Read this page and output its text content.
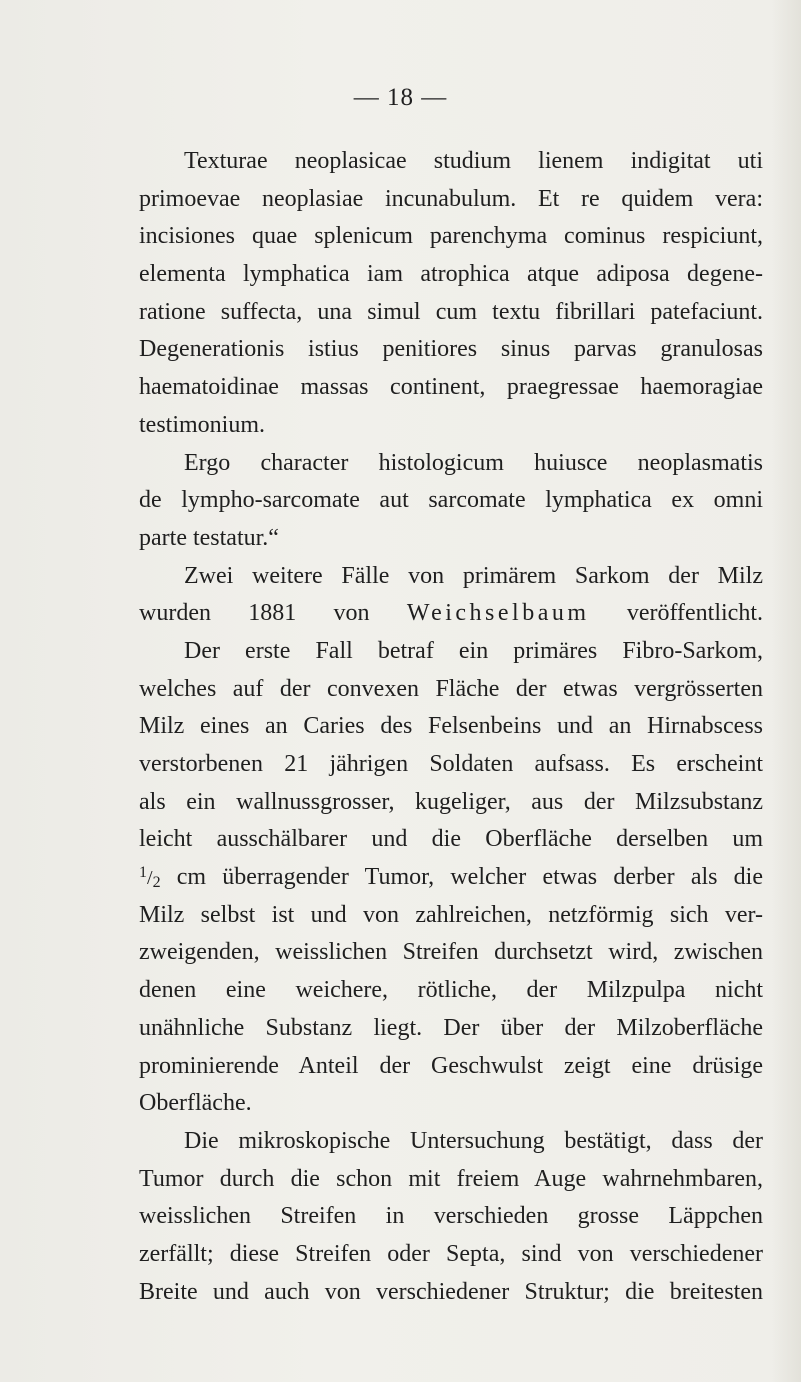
— 18 —
Texturae neoplasicae studium lienem indigitat uti
primoevae neoplasiae incunabulum. Et re quidem vera:
incisiones quae splenicum parenchyma cominus respiciunt,
elementa lymphatica iam atrophica atque adiposa degene-
ratione suffecta, una simul cum textu fibrillari patefaciunt.
Degenerationis istius penitiores sinus parvas granulosas
haematoidinae massas continent, praegressae haemoragiae
testimonium.
Ergo character histologicum huiusce neoplasmatis
de lympho-sarcomate aut sarcomate lymphatica ex omni
parte testatur.“
Zwei weitere Fälle von primärem Sarkom der Milz
wurden 1881 von Weichselbaum veröffentlicht.
Der erste Fall betraf ein primäres Fibro-Sarkom,
welches auf der convexen Fläche der etwas vergrösserten
Milz eines an Caries des Felsenbeins und an Hirnabscess
verstorbenen 21 jährigen Soldaten aufsass. Es erscheint
als ein wallnussgrosser, kugeliger, aus der Milzsubstanz
leicht ausschälbarer und die Oberfläche derselben um
$^1$/2 cm überragender Tumor, welcher etwas derber als die
Milz selbst ist und von zahlreichen, netzförmig sich ver-
zweigenden, weisslichen Streifen durchsetzt wird, zwischen
denen eine weichere, rötliche, der Milzpulpa nicht
unähnliche Substanz liegt. Der über der Milzoberfläche
prominierende Anteil der Geschwulst zeigt eine drüsige
Oberfläche.
Die mikroskopische Untersuchung bestätigt, dass der
Tumor durch die schon mit freiem Auge wahrnehmbaren,
weisslichen Streifen in verschieden grosse Läppchen
zerfällt; diese Streifen oder Septa, sind von verschiedener
Breite und auch von verschiedener Struktur; die breitesten
